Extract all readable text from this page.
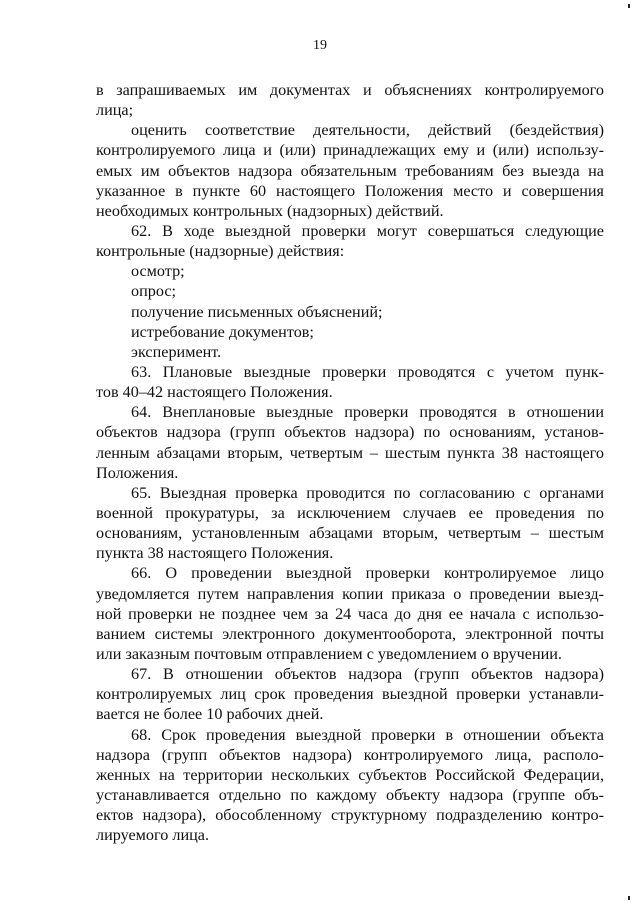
19
в запрашиваемых им документах и объяснениях контролируемого
лица;
оценить соответствие деятельности, действий (бездействия)
контролируемого лица и (или) принадлежащих ему и (или) использу-
емых им объектов надзора обязательным требованиям без выезда на
указанное в пункте 60 настоящего Положения место и совершения
необходимых контрольных (надзорных) действий.
62. В ходе выездной проверки могут совершаться следующие
контрольные (надзорные) действия:
осмотр;
опрос;
получение письменных объяснений;
истребование документов;
эксперимент.
63. Плановые выездные проверки проводятся с учетом пунк-
тов 40–42 настоящего Положения.
64. Внеплановые выездные проверки проводятся в отношении
объектов надзора (групп объектов надзора) по основаниям, установ-
ленным абзацами вторым, четвертым – шестым пункта 38 настоящего
Положения.
65. Выездная проверка проводится по согласованию с органами
военной прокуратуры, за исключением случаев ее проведения по
основаниям, установленным абзацами вторым, четвертым – шестым
пункта 38 настоящего Положения.
66. О проведении выездной проверки контролируемое лицо
уведомляется путем направления копии приказа о проведении выезд-
ной проверки не позднее чем за 24 часа до дня ее начала с использо-
ванием системы электронного документооборота, электронной почты
или заказным почтовым отправлением с уведомлением о вручении.
67. В отношении объектов надзора (групп объектов надзора)
контролируемых лиц срок проведения выездной проверки устанавли-
вается не более 10 рабочих дней.
68. Срок проведения выездной проверки в отношении объекта
надзора (групп объектов надзора) контролируемого лица, располо-
женных на территории нескольких субъектов Российской Федерации,
устанавливается отдельно по каждому объекту надзора (группе объ-
ектов надзора), обособленному структурному подразделению контро-
лируемого лица.
